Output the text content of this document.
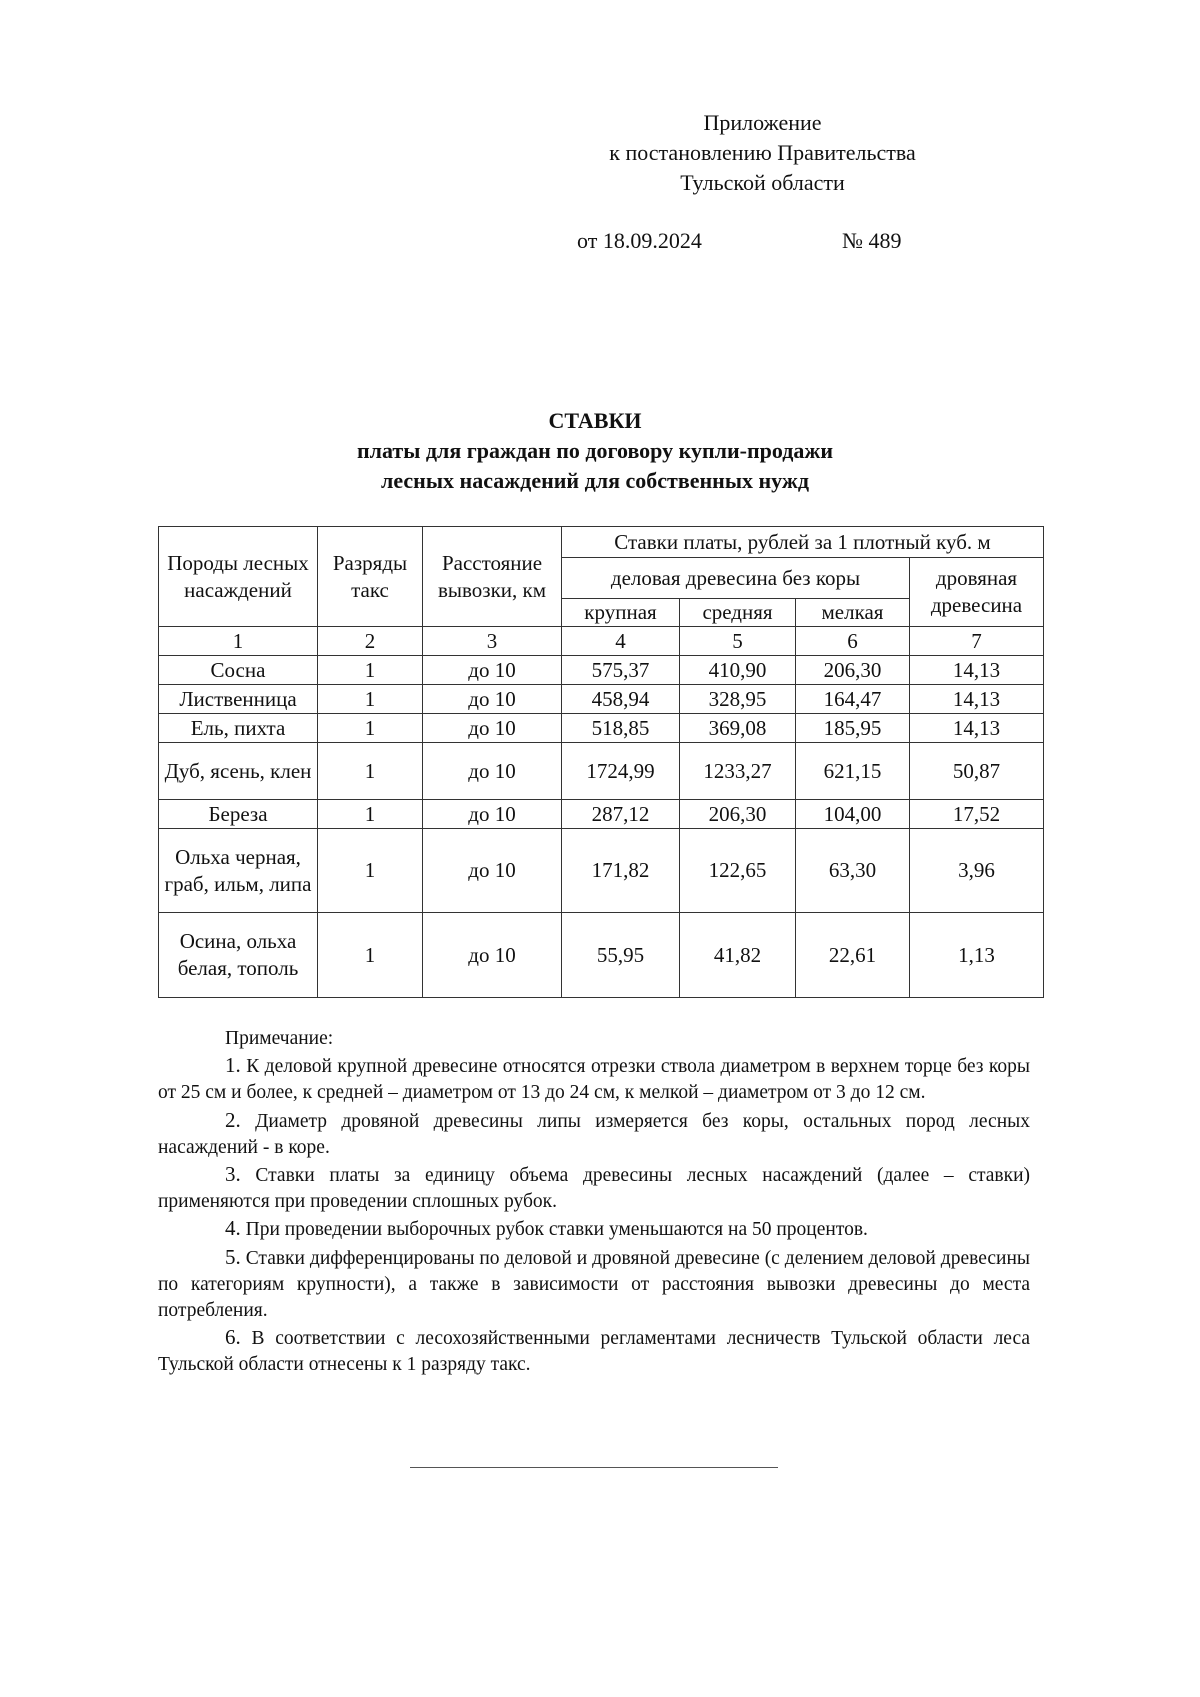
Приложение
к постановлению Правительства
Тульской области
от 18.09.2024	№ 489
СТАВКИ
платы для граждан по договору купли-продажи
лесных насаждений для собственных нужд
Породы лесных насаждений	Разряды такс	Расстояние вывозки, км	Ставки платы, рублей за 1 плотный куб. м			
			деловая древесина без коры			дровяная древесина
			крупная	средняя	мелкая	
1	2	3	4	5	6	7
Сосна	1	до 10	575,37	410,90	206,30	14,13
Лиственница	1	до 10	458,94	328,95	164,47	14,13
Ель, пихта	1	до 10	518,85	369,08	185,95	14,13
Дуб, ясень, клен	1	до 10	1724,99	1233,27	621,15	50,87
Береза	1	до 10	287,12	206,30	104,00	17,52
Ольха черная, граб, ильм, липа	1	до 10	171,82	122,65	63,30	3,96
Осина, ольха белая, тополь	1	до 10	55,95	41,82	22,61	1,13

Примечание:

1. К деловой крупной древесине относятся отрезки ствола диаметром в верхнем торце без коры от 25 см и более, к средней – диаметром от 13 до 24 см, к мелкой – диаметром от 3 до 12 см.

2. Диаметр дровяной древесины липы измеряется без коры, остальных пород лесных насаждений - в коре.

3. Ставки платы за единицу объема древесины лесных насаждений (далее – ставки) применяются при проведении сплошных рубок.

4. При проведении выборочных рубок ставки уменьшаются на 50 процентов.

5. Ставки дифференцированы по деловой и дровяной древесине (с делением деловой древесины по категориям крупности), а также в зависимости от расстояния вывозки древесины до места потребления.

6. В соответствии с лесохозяйственными регламентами лесничеств Тульской области леса Тульской области отнесены к 1 разряду такс.
